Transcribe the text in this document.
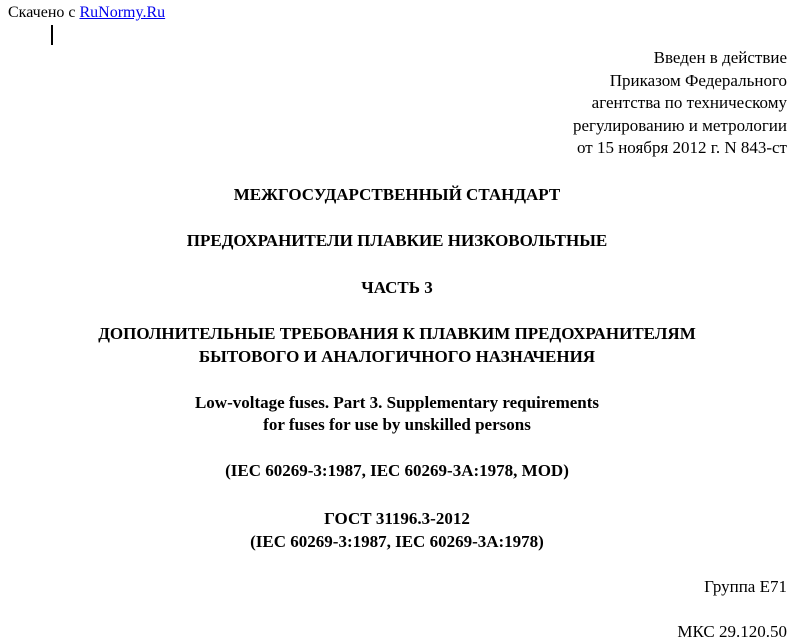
Скачено с RuNormy.Ru
Введен в действие
Приказом Федерального
агентства по техническому
регулированию и метрологии
от 15 ноября 2012 г. N 843-ст
МЕЖГОСУДАРСТВЕННЫЙ СТАНДАРТ
ПРЕДОХРАНИТЕЛИ ПЛАВКИЕ НИЗКОВОЛЬТНЫЕ
ЧАСТЬ 3
ДОПОЛНИТЕЛЬНЫЕ ТРЕБОВАНИЯ К ПЛАВКИМ ПРЕДОХРАНИТЕЛЯМ
БЫТОВОГО И АНАЛОГИЧНОГО НАЗНАЧЕНИЯ
Low-voltage fuses. Part 3. Supplementary requirements
for fuses for use by unskilled persons
(IEC 60269-3:1987, IEC 60269-3A:1978, MOD)
ГОСТ 31196.3-2012
(IEC 60269-3:1987, IEC 60269-3A:1978)
Группа Е71
МКС 29.120.50
